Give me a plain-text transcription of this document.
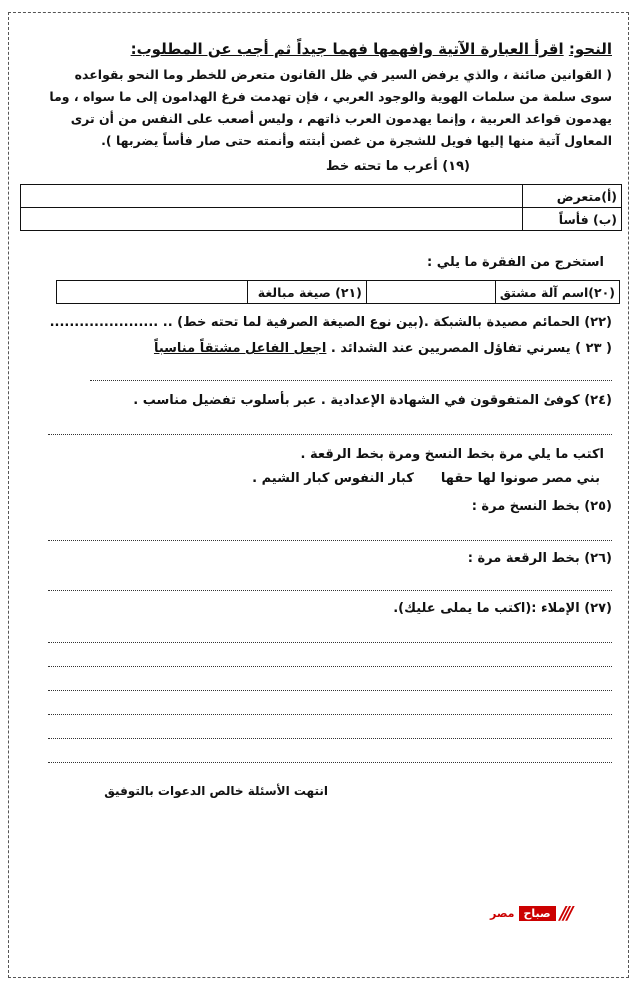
النحو: اقرأ العبارة الآتية وافهمها فهما جيداً ثم أجب عن المطلوب:
( القوانين صائنة ، والذي يرفض السير في ظل القانون متعرض للخطر وما النحو بقواعده
سوى سلمة من سلمات الهوية والوجود العربي ، فإن تهدمت فرغ الهدامون إلى ما سواه ، وما
يهدمون قواعد العربية ، وإنما يهدمون العرب ذاتهم ، وليس أصعب على النفس من أن ترى
المعاول آتية منها إليها فويل للشجرة من غصن أبتته وأنمته حتى صار فأساً يضربها ).
(١٩) أعرب ما تحته خط
(أ)متعرض	
(ب) فأساً	
استخرج من الفقرة ما يلي :
(٢٠)اسم آلة مشتق		(٢١) صيغة مبالغة	
(٢٢) الحمائم مصيدة بالشبكة .(بين نوع الصيغة الصرفية لما تحته خط) .. ......................
( ٢٣ ) يسرني تفاؤل المصريين عند الشدائد . اجعل الفاعل مشتقاً مناسباً
(٢٤) كوفئ المتفوقون في الشهادة الإعدادية . عبر بأسلوب تفضيل مناسب .
اكتب ما يلي مرة بخط النسخ ومرة بخط الرقعة .
بني مصر صونوا لها حقها  كبار النفوس كبار الشيم .
(٢٥) بخط النسخ مرة :
(٢٦) بخط الرقعة مرة :
(٢٧) الإملاء :(اكتب ما يملى عليك).
انتهت الأسئلة خالص الدعوات بالتوفيق
///
صباح
مصر
